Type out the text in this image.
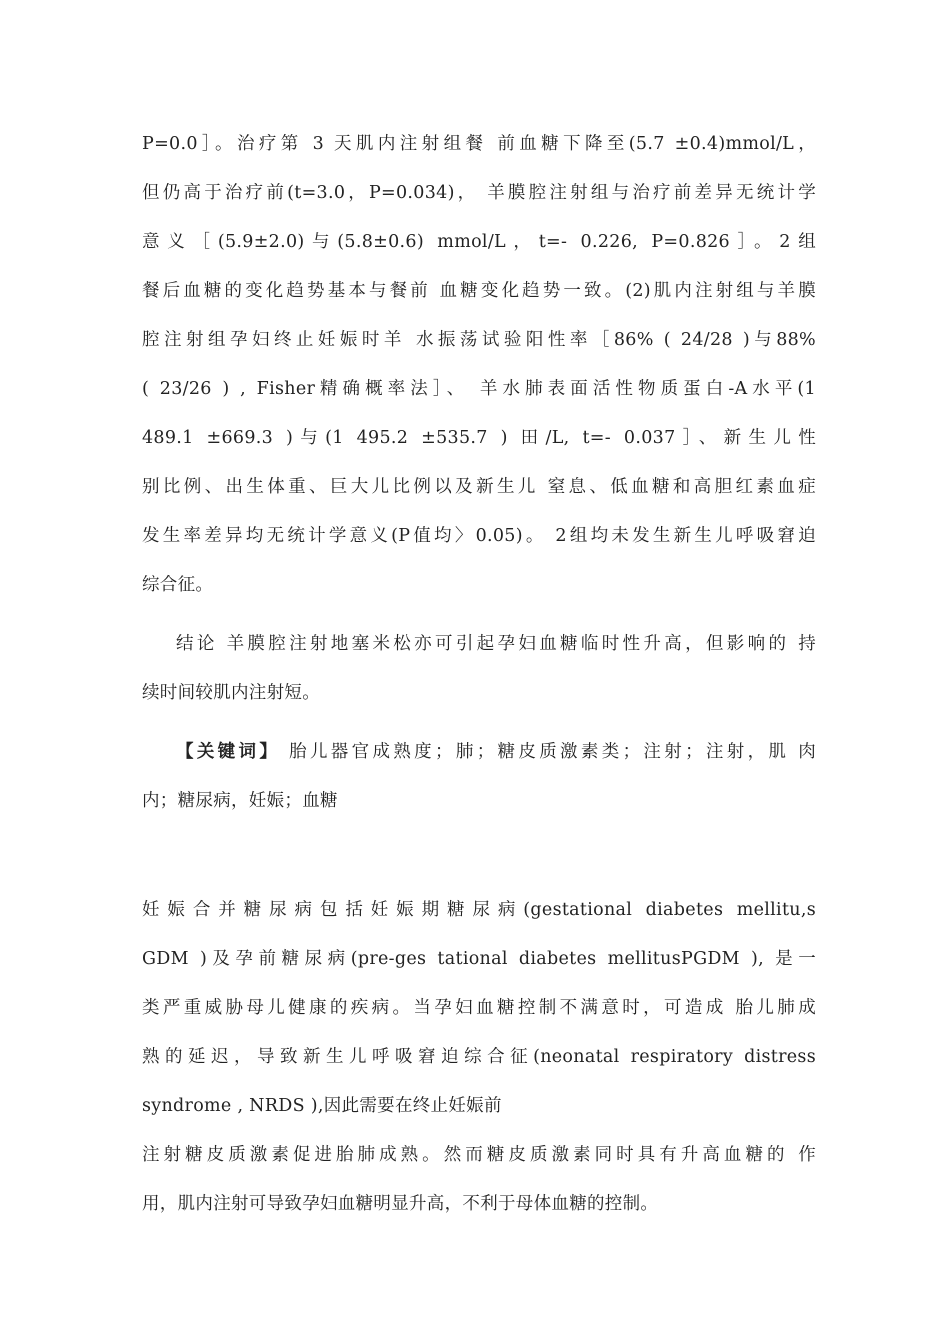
P=0.0］。治疗第 3 天肌内注射组餐 前血糖下降至(5.7 ±0.4)mmol/L，
但仍高于治疗前(t=3.0，P=0.034)， 羊膜腔注射组与治疗前差异无统计学
意义［(5.9±2.0)与(5.8±0.6) mmol/L，t=- 0.226, P=0.826］。2组
餐后血糖的变化趋势基本与餐前 血糖变化趋势一致。(2)肌内注射组与羊膜
腔注射组孕妇终止妊娠时羊 水振荡试验阳性率［86% ( 24/28 )与88%
( 23/26 ) , Fisher精确概率法］、 羊水肺表面活性物质蛋白-A水平(1
489.1 ±669.3 )与(1 495.2 ±535.7 ) 田/L, t=- 0.037］、新生儿性
别比例、出生体重、巨大儿比例以及新生儿 窒息、低血糖和高胆红素血症
发生率差异均无统计学意义(P值均〉0.05)。 2组均未发生新生儿呼吸窘迫
综合征。
结论 羊膜腔注射地塞米松亦可引起孕妇血糖临时性升高，但影响的 持
续时间较肌内注射短。
【关键词】 胎儿器官成熟度；肺；糖皮质激素类；注射；注射，肌 肉
内；糖尿病，妊娠；血糖
妊娠合并糖尿病包括妊娠期糖尿病(gestational diabetes mellitu,s
GDM )及孕前糖尿病(pre-ges tational diabetes mellitusPGDM ), 是一
类严重威胁母儿健康的疾病。当孕妇血糖控制不满意时，可造成 胎儿肺成
熟的延迟，导致新生儿呼吸窘迫综合征(neonatal respiratory distress
syndrome , NRDS ),因此需要在终止妊娠前
注射糖皮质激素促进胎肺成熟。然而糖皮质激素同时具有升高血糖的 作
用，肌内注射可导致孕妇血糖明显升高，不利于母体血糖的控制。
